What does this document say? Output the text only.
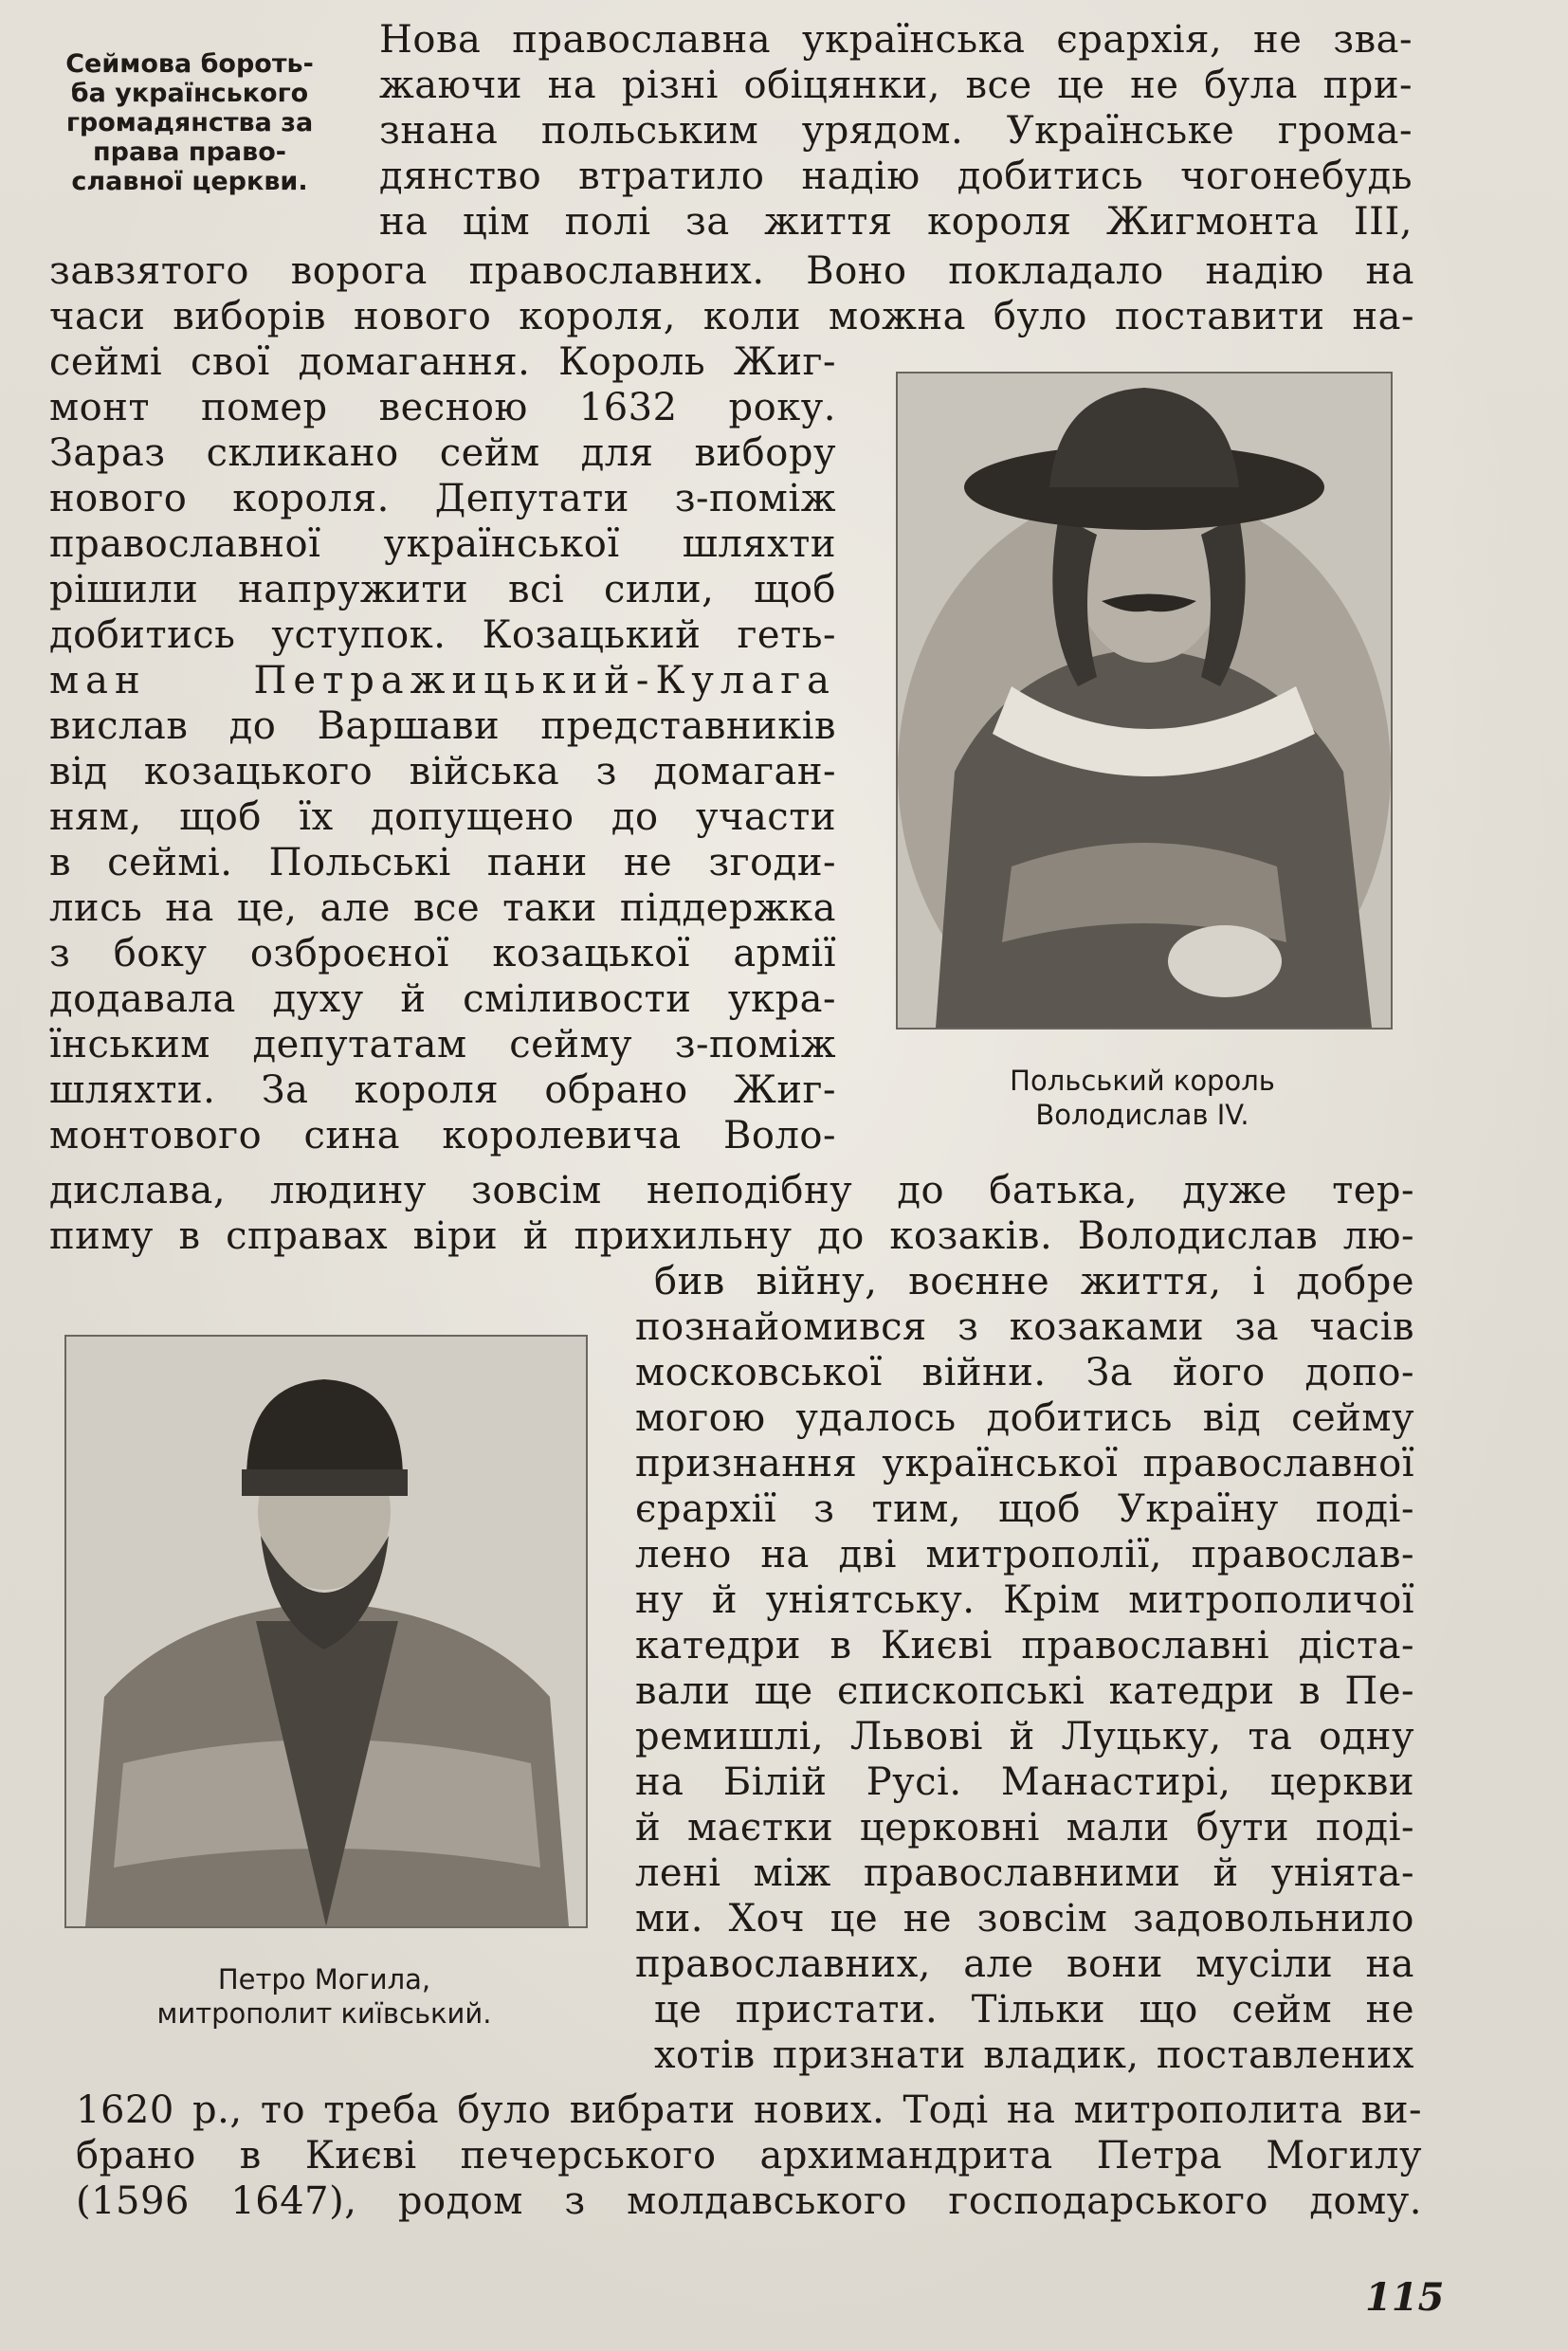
Сеймова бороть-
ба українського
громадянства за
права право-
славної церкви.
Нова православна українська єрархія, не зва-
жаючи на різні обіцянки, все це не була при-
знана польським урядом. Українське грома-
дянство втратило надію добитись чогонебудь
на цім полі за життя короля Жигмонта III,
завзятого ворога православних. Воно покладало надію на
часи виборів нового короля, коли можна було поставити на-
сеймі свої домагання. Король Жиг-
монт помер весною 1632 року.
Зараз скликано сейм для вибору
нового короля. Депутати з-поміж
православної української шляхти
рішили напружити всі сили, щоб
добитись уступок. Козацький геть-
ман Петражицький-Кулага
вислав до Варшави представників
від козацького війська з домаган-
ням, щоб їх допущено до участи
в сеймі. Польські пани не згоди-
лись на це, але все таки піддержка
з боку озброєної козацької армії
додавала духу й сміливости укра-
їнським депутатам сейму з-поміж
шляхти. За короля обрано Жиг-
монтового сина королевича Воло-
дислава, людину зовсім неподібну до батька, дуже тер-
пиму в справах віри й прихильну до козаків. Володислав лю-
бив війну, воєнне життя, і добре
познайомився з козаками за часів
московської війни. За його допо-
могою удалось добитись від сейму
признання української православної
єрархії з тим, щоб Україну поді-
лено на дві митрополії, православ-
ну й уніятську. Крім митрополичої
катедри в Києві православні діста-
вали ще єпископські катедри в Пе-
ремишлі, Львові й Луцьку, та одну
на Білій Русі. Манастирі, церкви
й маєтки церковні мали бути поді-
лені між православними й уніята-
ми. Хоч це не зовсім задовольнило
православних, але вони мусіли на
це пристати. Тільки що сейм не
хотів признати владик, поставлених
1620 р., то треба було вибрати нових. Тоді на митрополита ви-
брано в Києві печерського архимандрита Петра Могилу
(1596 1647), родом з молдавського господарського дому.
Польський король
Володислав IV.
Петро Могила,
митрополит київський.
115
